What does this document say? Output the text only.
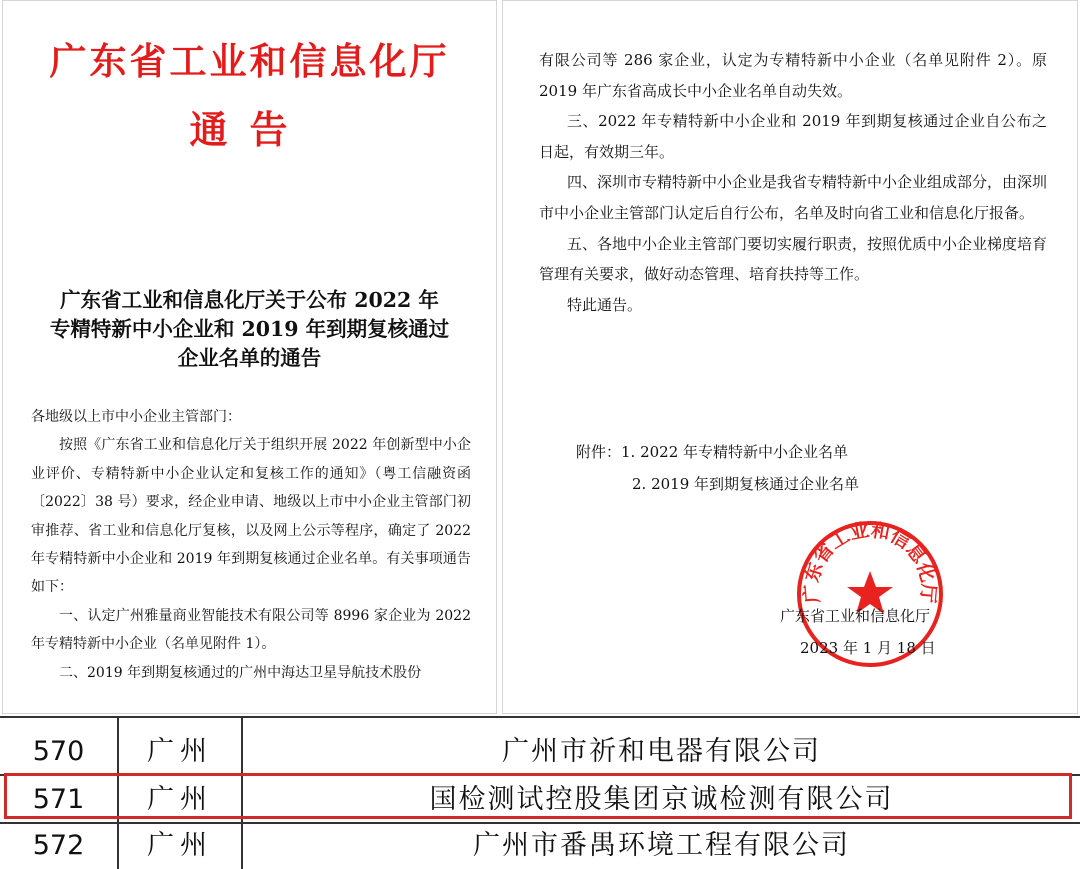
广东省工业和信息化厅
通告
广东省工业和信息化厅关于公布 2022 年
专精特新中小企业和 2019 年到期复核通过
企业名单的通告

各地级以上市中小企业主管部门：

按照《广东省工业和信息化厅关于组织开展 2022 年创新型中小企业评价、专精特新中小企业认定和复核工作的通知》（粤工信融资函〔2022〕38 号）要求，经企业申请、地级以上市中小企业主管部门初审推荐、省工业和信息化厅复核，以及网上公示等程序，确定了 2022 年专精特新中小企业和 2019 年到期复核通过企业名单。有关事项通告如下：

一、认定广州雅量商业智能技术有限公司等 8996 家企业为 2022 年专精特新中小企业（名单见附件 1）。

二、2019 年到期复核通过的广州中海达卫星导航技术股份

有限公司等 286 家企业，认定为专精特新中小企业（名单见附件 2）。原 2019 年广东省高成长中小企业名单自动失效。

三、2022 年专精特新中小企业和 2019 年到期复核通过企业自公布之日起，有效期三年。

四、深圳市专精特新中小企业是我省专精特新中小企业组成部分，由深圳市中小企业主管部门认定后自行公布，名单及时向省工业和信息化厅报备。

五、各地中小企业主管部门要切实履行职责，按照优质中小企业梯度培育管理有关要求，做好动态管理、培育扶持等工作。

特此通告。

附件：1. 2022 年专精特新中小企业名单
2. 2019 年到期复核通过企业名单
广东省工业和信息化厅
广东省工业和信息化厅
2023 年 1 月 18 日
570	广州	广州市祈和电器有限公司
571	广州	国检测试控股集团京诚检测有限公司
572	广州	广州市番禺环境工程有限公司
